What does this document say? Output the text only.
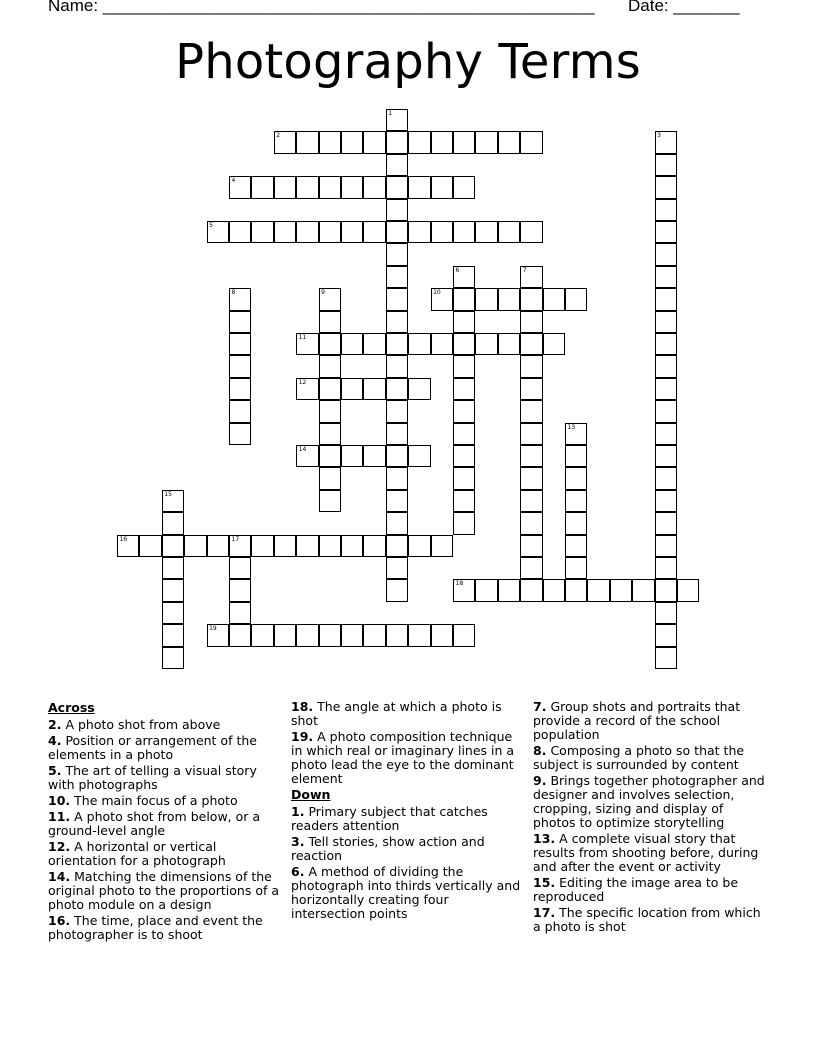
Name: ____________________________________________________ Date: _______
Photography Terms
1
2	3
4
5
6	7
8	9	10
11
12
13
14
15
16	17
18
19
Across
2. A photo shot from above
4. Position or arrangement of the elements in a photo
5. The art of telling a visual story with photographs
10. The main focus of a photo
11. A photo shot from below, or a ground-level angle
12. A horizontal or vertical orientation for a photograph
14. Matching the dimensions of the original photo to the proportions of a photo module on a design
16. The time, place and event the photographer is to shoot
18. The angle at which a photo is shot
19. A photo composition technique in which real or imaginary lines in a photo lead the eye to the dominant element
Down
1. Primary subject that catches readers attention
3. Tell stories, show action and reaction
6. A method of dividing the photograph into thirds vertically and horizontally creating four intersection points
7. Group shots and portraits that provide a record of the school population
8. Composing a photo so that the subject is surrounded by content
9. Brings together photographer and designer and involves selection, cropping, sizing and display of photos to optimize storytelling
13. A complete visual story that results from shooting before, during and after the event or activity
15. Editing the image area to be reproduced
17. The specific location from which a photo is shot
